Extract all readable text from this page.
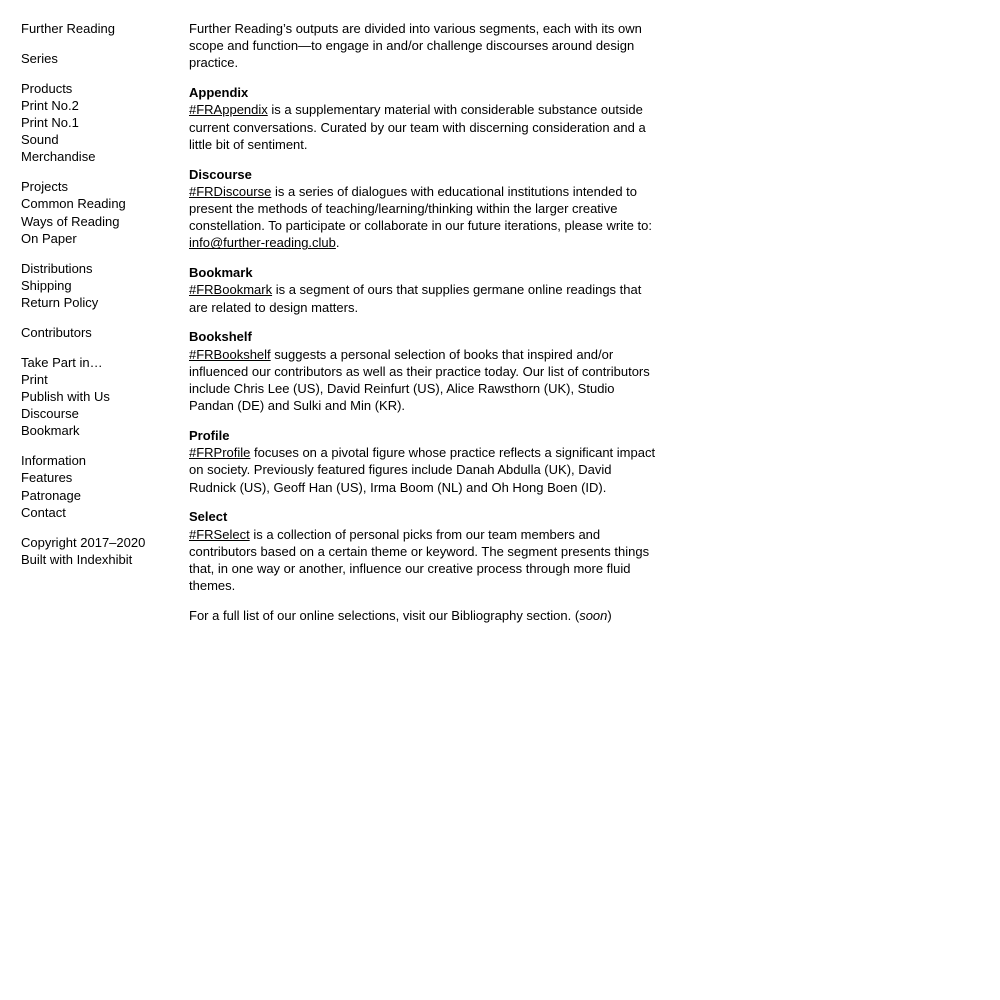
Further Reading
Series
Products
Print No.2
Print No.1
Sound
Merchandise
Projects
Common Reading
Ways of Reading
On Paper
Distributions
Shipping
Return Policy
Contributors
Take Part in…
Print
Publish with Us
Discourse
Bookmark
Information
Features
Patronage
Contact
Copyright 2017–2020
Built with Indexhibit

Further Reading’s outputs are divided into various segments, each with its own scope and function—to engage in and/or challenge discourses around design practice.

Appendix
#FRAppendix is a supplementary material with considerable substance outside current conversations. Curated by our team with discerning consideration and a little bit of sentiment.

Discourse
#FRDiscourse is a series of dialogues with educational institutions intended to present the methods of teaching/learning/thinking within the larger creative constellation. To participate or collaborate in our future iterations, please write to: info@further-reading.club.

Bookmark
#FRBookmark is a segment of ours that supplies germane online readings that are related to design matters.

Bookshelf
#FRBookshelf suggests a personal selection of books that inspired and/or influenced our contributors as well as their practice today. Our list of contributors include Chris Lee (US), David Reinfurt (US), Alice Rawsthorn (UK), Studio Pandan (DE) and Sulki and Min (KR).

Profile
#FRProfile focuses on a pivotal figure whose practice reflects a significant impact on society. Previously featured figures include Danah Abdulla (UK), David Rudnick (US), Geoff Han (US), Irma Boom (NL) and Oh Hong Boen (ID).

Select
#FRSelect is a collection of personal picks from our team members and contributors based on a certain theme or keyword. The segment presents things that, in one way or another, influence our creative process through more fluid themes.

For a full list of our online selections, visit our Bibliography section. (soon)
